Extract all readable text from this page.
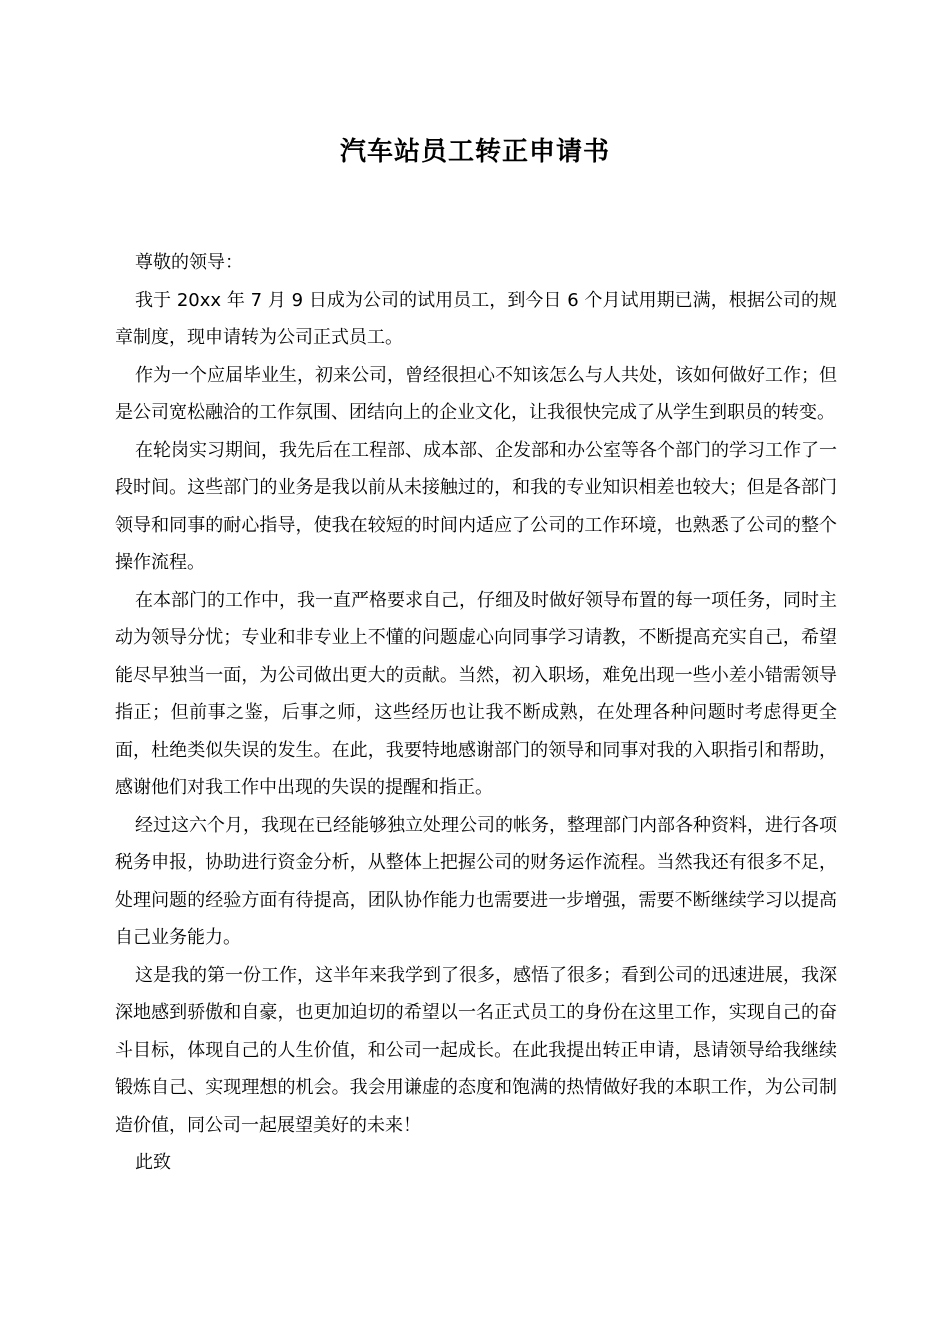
汽车站员工转正申请书

尊敬的领导：

我于 20xx 年 7 月 9 日成为公司的试用员工，到今日 6 个月试用期已满，根据公司的规章制度，现申请转为公司正式员工。

作为一个应届毕业生，初来公司，曾经很担心不知该怎么与人共处，该如何做好工作；但是公司宽松融洽的工作氛围、团结向上的企业文化，让我很快完成了从学生到职员的转变。

在轮岗实习期间，我先后在工程部、成本部、企发部和办公室等各个部门的学习工作了一段时间。这些部门的业务是我以前从未接触过的，和我的专业知识相差也较大；但是各部门领导和同事的耐心指导，使我在较短的时间内适应了公司的工作环境，也熟悉了公司的整个操作流程。

在本部门的工作中，我一直严格要求自己，仔细及时做好领导布置的每一项任务，同时主动为领导分忧；专业和非专业上不懂的问题虚心向同事学习请教，不断提高充实自己，希望能尽早独当一面，为公司做出更大的贡献。当然，初入职场，难免出现一些小差小错需领导指正；但前事之鉴，后事之师，这些经历也让我不断成熟，在处理各种问题时考虑得更全面，杜绝类似失误的发生。在此，我要特地感谢部门的领导和同事对我的入职指引和帮助，感谢他们对我工作中出现的失误的提醒和指正。

经过这六个月，我现在已经能够独立处理公司的帐务，整理部门内部各种资料，进行各项税务申报，协助进行资金分析，从整体上把握公司的财务运作流程。当然我还有很多不足，处理问题的经验方面有待提高，团队协作能力也需要进一步增强，需要不断继续学习以提高自己业务能力。

这是我的第一份工作，这半年来我学到了很多，感悟了很多；看到公司的迅速进展，我深深地感到骄傲和自豪，也更加迫切的希望以一名正式员工的身份在这里工作，实现自己的奋斗目标，体现自己的人生价值，和公司一起成长。在此我提出转正申请，恳请领导给我继续锻炼自己、实现理想的机会。我会用谦虚的态度和饱满的热情做好我的本职工作，为公司制造价值，同公司一起展望美好的未来！

此致
